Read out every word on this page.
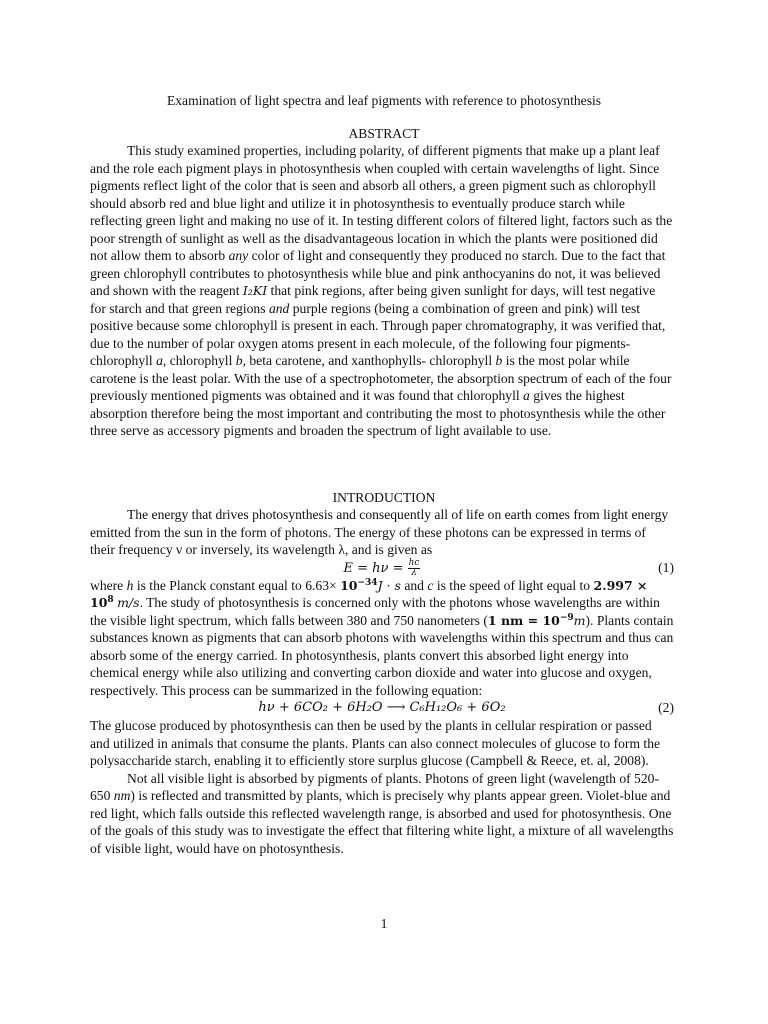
Examination of light spectra and leaf pigments with reference to photosynthesis
ABSTRACT

This study examined properties, including polarity, of different pigments that make up a plant leaf and the role each pigment plays in photosynthesis when coupled with certain wavelengths of light. Since pigments reflect light of the color that is seen and absorb all others, a green pigment such as chlorophyll should absorb red and blue light and utilize it in photosynthesis to eventually produce starch while reflecting green light and making no use of it. In testing different colors of filtered light, factors such as the poor strength of sunlight as well as the disadvantageous location in which the plants were positioned did not allow them to absorb any color of light and consequently they produced no starch. Due to the fact that green chlorophyll contributes to photosynthesis while blue and pink anthocyanins do not, it was believed and shown with the reagent I₂KI that pink regions, after being given sunlight for days, will test negative for starch and that green regions and purple regions (being a combination of green and pink) will test positive because some chlorophyll is present in each. Through paper chromatography, it was verified that, due to the number of polar oxygen atoms present in each molecule, of the following four pigments-chlorophyll a, chlorophyll b, beta carotene, and xanthophylls- chlorophyll b is the most polar while carotene is the least polar. With the use of a spectrophotometer, the absorption spectrum of each of the four previously mentioned pigments was obtained and it was found that chlorophyll a gives the highest absorption therefore being the most important and contributing the most to photosynthesis while the other three serve as accessory pigments and broaden the spectrum of light available to use.

INTRODUCTION

The energy that drives photosynthesis and consequently all of life on earth comes from light energy emitted from the sun in the form of photons. The energy of these photons can be expressed in terms of their frequency ν or inversely, its wavelength λ, and is given as

$E = h\nu = \frac{hc}{\lambda}$	(1)

where h is the Planck constant equal to $6.63\times 10^{-34}J \cdot s$ and c is the speed of light equal to $2.997 \times 10^8$ m/s. The study of photosynthesis is concerned only with the photons whose wavelengths are within the visible light spectrum, which falls between 380 and 750 nanometers (1 nm = $10^{-9}m$). Plants contain substances known as pigments that can absorb photons with wavelengths within this spectrum and thus can absorb some of the energy carried. In photosynthesis, plants convert this absorbed light energy into chemical energy while also utilizing and converting carbon dioxide and water into glucose and oxygen, respectively. This process can be summarized in the following equation:

hν + 6CO₂ + 6H₂O ⟶ C₆H₁₂O₆ + 6O₂	(2)

The glucose produced by photosynthesis can then be used by the plants in cellular respiration or passed and utilized in animals that consume the plants. Plants can also connect molecules of glucose to form the polysaccharide starch, enabling it to efficiently store surplus glucose (Campbell & Reece, et. al, 2008).

Not all visible light is absorbed by pigments of plants. Photons of green light (wavelength of 520-650 nm) is reflected and transmitted by plants, which is precisely why plants appear green. Violet-blue and red light, which falls outside this reflected wavelength range, is absorbed and used for photosynthesis. One of the goals of this study was to investigate the effect that filtering white light, a mixture of all wavelengths of visible light, would have on photosynthesis.

1
